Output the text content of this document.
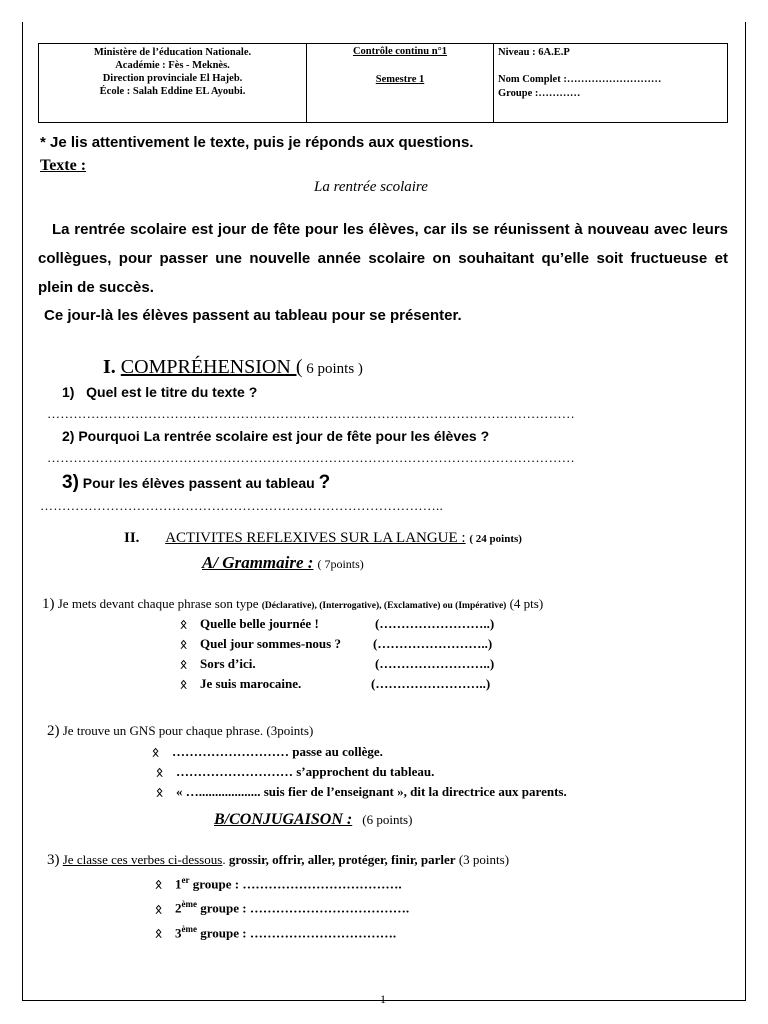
Ministère de l’éducation Nationale.
Académie : Fès - Meknès.
Direction provinciale El Hajeb.
École : Salah Eddine EL Ayoubi.
Contrôle continu n°1
Semestre 1
Niveau : 6A.E.P
Nom Complet :………………………
Groupe :…………
* Je lis attentivement le texte, puis je réponds aux questions.
Texte :
La rentrée scolaire
La rentrée scolaire est jour de fête pour les élèves, car ils se réunissent à nouveau avec leurs collègues, pour passer une nouvelle année scolaire on souhaitant qu’elle soit fructueuse et plein de succès.
Ce jour-là les élèves passent au tableau pour se présenter.
I. COMPRÉHENSION ( 6 points )
1) Quel est le titre du texte ?
…………………………………………………………………………………………………………
2) Pourquoi La rentrée scolaire est jour de fête pour les élèves ?
…………………………………………………………………………………………………………
3) Pour les élèves passent au tableau ?
………………………………………………………………………………..
II. ACTIVITES REFLEXIVES SUR LA LANGUE : ( 24 points)
A/ Grammaire : ( 7points)
1) Je mets devant chaque phrase son type (Déclarative), (Interrogative), (Exclamative) ou (Impérative) (4 pts)
ᛟ Quelle belle journée !	(……………………..)
ᛟ Quel jour sommes-nous ? (……………………..)
ᛟ Sors d’ici.	(……………………..)
ᛟ Je suis marocaine.	(……………………..)
2) Je trouve un GNS pour chaque phrase. (3points)
ᛟ ……………………… passe au collège.
ᛟ ……………………… s’approchent du tableau.
ᛟ « …................... suis fier de l’enseignant », dit la directrice aux parents.
B/CONJUGAISON : (6 points)
3) Je classe ces verbes ci-dessous. grossir, offrir, aller, protéger, finir, parler (3 points)
ᛟ 1er groupe : ……………………………….
ᛟ 2ème groupe : ……………………………….
ᛟ 3ème groupe : …………………………….
1
